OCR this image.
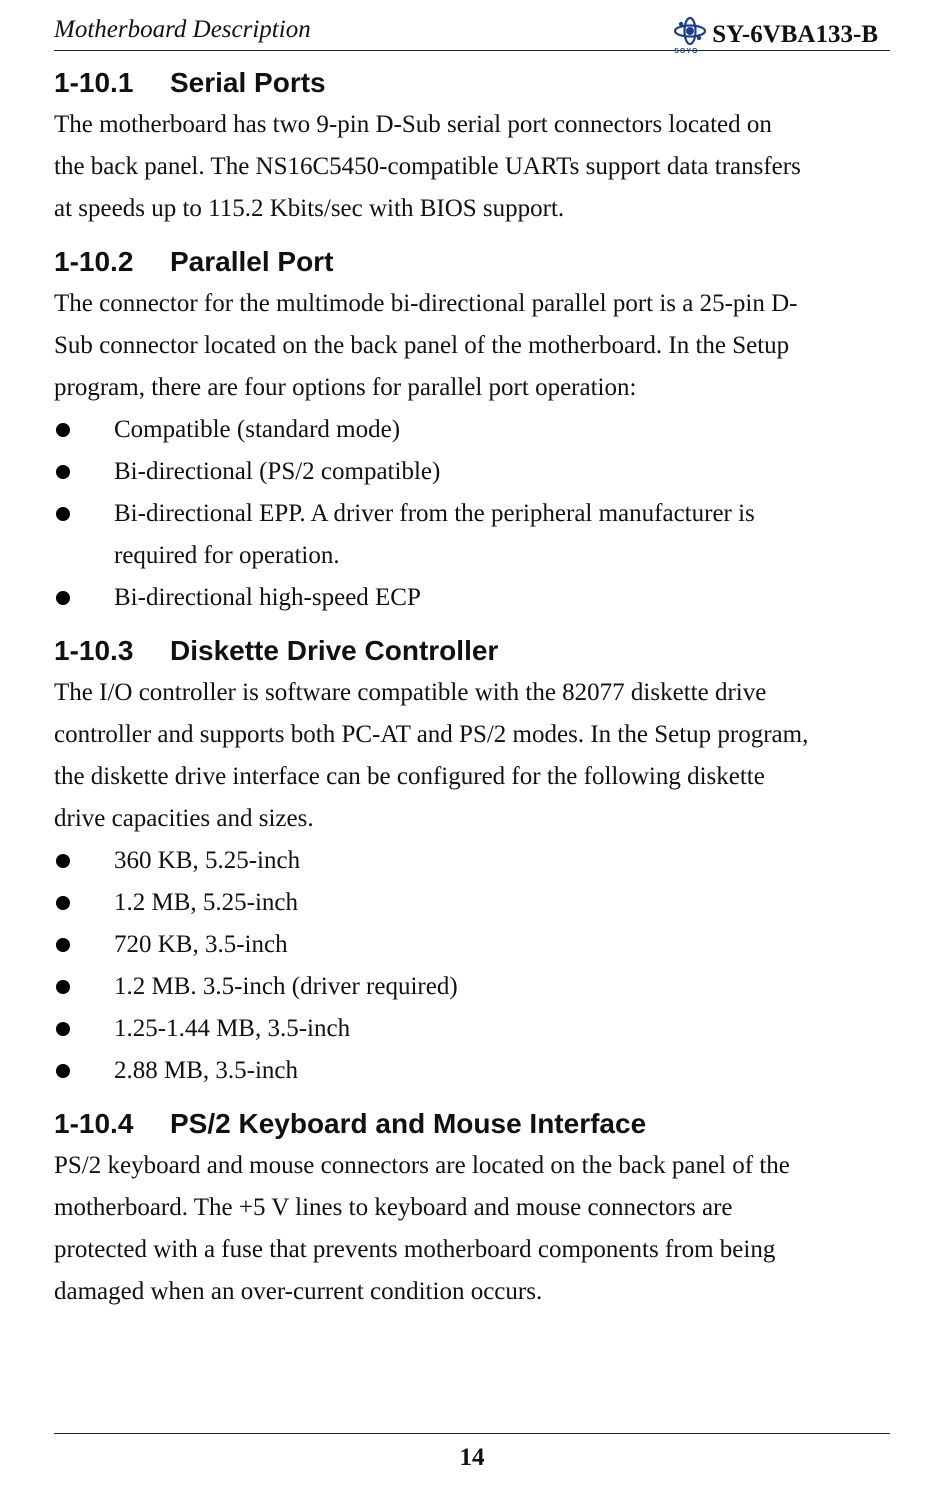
Motherboard Description
SOYO
SY-6VBA133-B
1-10.1	Serial Ports

The motherboard has two 9-pin D-Sub serial port connectors located on

the back panel. The NS16C5450-compatible UARTs support data transfers

at speeds up to 115.2 Kbits/sec with BIOS support.

1-10.2	Parallel Port

The connector for the multimode bi-directional parallel port is a 25-pin D-

Sub connector located on the back panel of the motherboard. In the Setup

program, there are four options for parallel port operation:

Compatible (standard mode)
Bi-directional (PS/2 compatible)
Bi-directional EPP. A driver from the peripheral manufacturer is
required for operation.
Bi-directional high-speed ECP
1-10.3	Diskette Drive Controller

The I/O controller is software compatible with the 82077 diskette drive

controller and supports both PC-AT and PS/2 modes. In the Setup program,

the diskette drive interface can be configured for the following diskette

drive capacities and sizes.

360 KB, 5.25-inch
1.2 MB, 5.25-inch
720 KB, 3.5-inch
1.2 MB. 3.5-inch (driver required)
1.25-1.44 MB, 3.5-inch
2.88 MB, 3.5-inch
1-10.4	PS/2 Keyboard and Mouse Interface

PS/2 keyboard and mouse connectors are located on the back panel of the

motherboard. The +5 V lines to keyboard and mouse connectors are

protected with a fuse that prevents motherboard components from being

damaged when an over-current condition occurs.

14
